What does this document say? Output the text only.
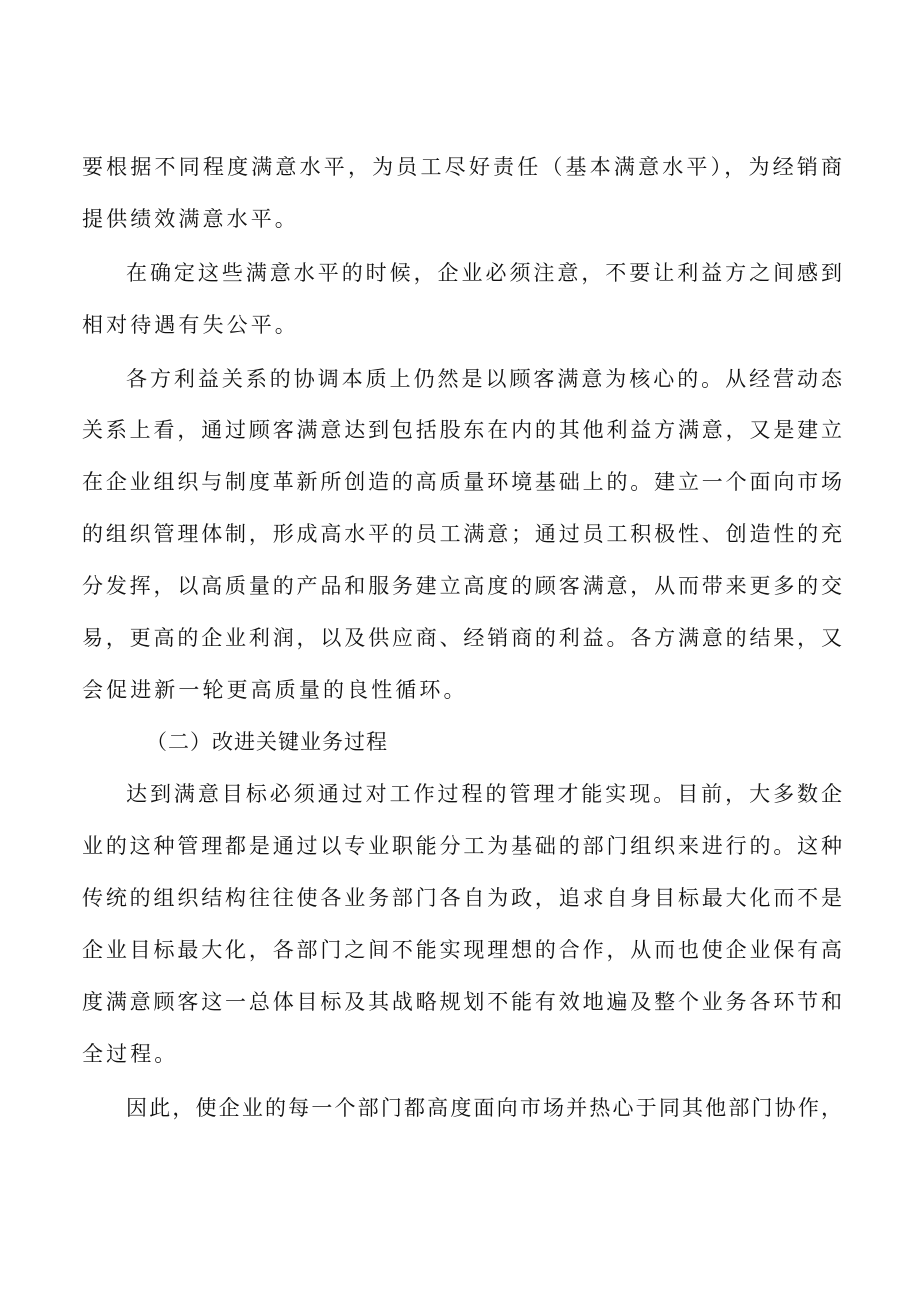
要根据不同程度满意水平，为员工尽好责任（基本满意水平），为经销商
提供绩效满意水平。
在确定这些满意水平的时候，企业必须注意，不要让利益方之间感到
相对待遇有失公平。
各方利益关系的协调本质上仍然是以顾客满意为核心的。从经营动态
关系上看，通过顾客满意达到包括股东在内的其他利益方满意，又是建立
在企业组织与制度革新所创造的高质量环境基础上的。建立一个面向市场
的组织管理体制，形成高水平的员工满意；通过员工积极性、创造性的充
分发挥，以高质量的产品和服务建立高度的顾客满意，从而带来更多的交
易，更高的企业利润，以及供应商、经销商的利益。各方满意的结果，又
会促进新一轮更高质量的良性循环。
（二）改进关键业务过程
达到满意目标必须通过对工作过程的管理才能实现。目前，大多数企
业的这种管理都是通过以专业职能分工为基础的部门组织来进行的。这种
传统的组织结构往往使各业务部门各自为政，追求自身目标最大化而不是
企业目标最大化，各部门之间不能实现理想的合作，从而也使企业保有高
度满意顾客这一总体目标及其战略规划不能有效地遍及整个业务各环节和
全过程。
因此，使企业的每一个部门都高度面向市场并热心于同其他部门协作，
